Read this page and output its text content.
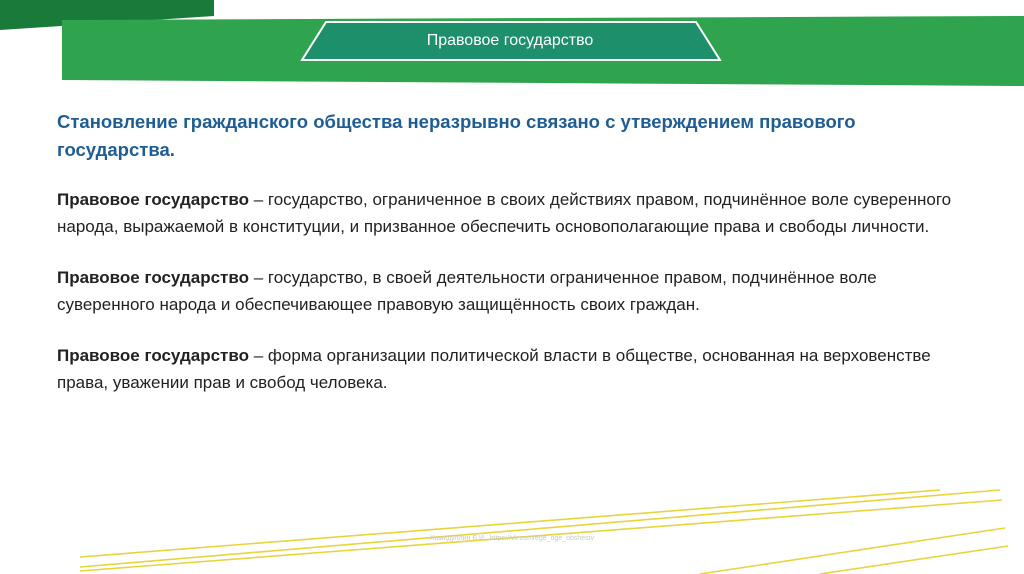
Правовое государство

Становление гражданского общества неразрывно связано с утверждением правового государства.

Правовое государство – государство, ограниченное в своих действиях правом, подчинённое воле суверенного народа, выражаемой в конституции, и призванное обеспечить основополагающие права и свободы личности.

Правовое государство – государство, в своей деятельности ограниченное правом, подчинённое воле суверенного народа и обеспечивающее правовую защищённость своих граждан.

Правовое государство – форма организации политической власти в обществе, основанная на верховенстве права, уважении прав и свобод человека.

Хамидуллин Б.И., https://vk.com/ege_oge_obshestv
